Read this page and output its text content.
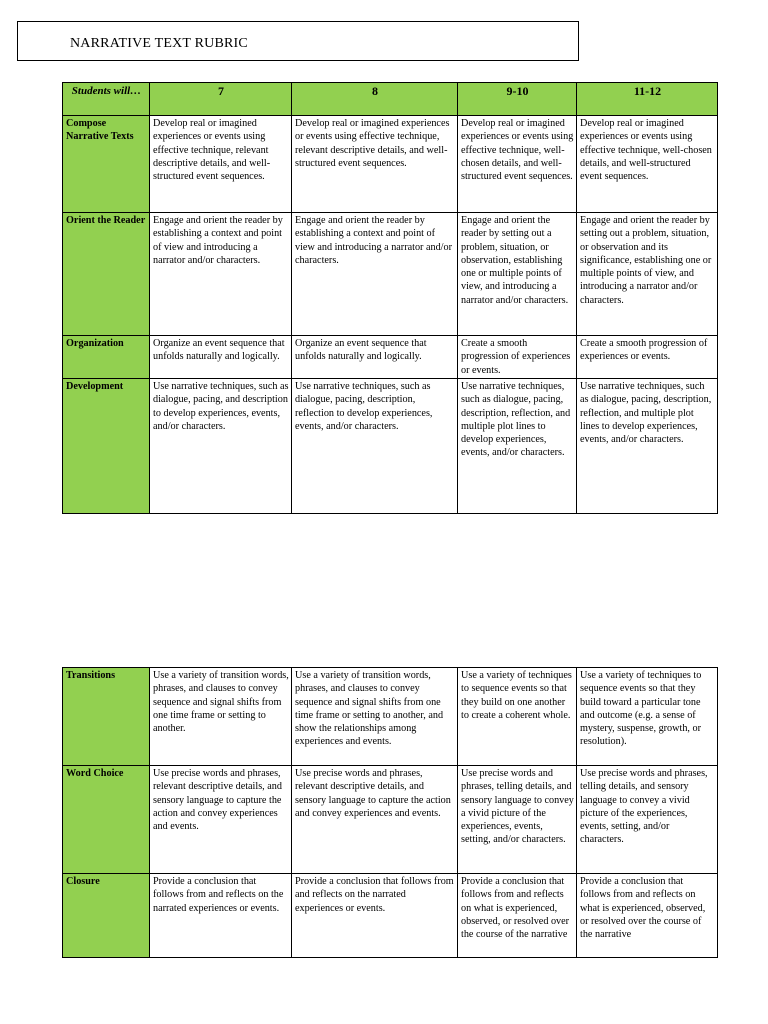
NARRATIVE TEXT RUBRIC
Students will…	7	8	9-10	11-12
Compose Narrative Texts	Develop real or imagined experiences or events using effective technique, relevant descriptive details, and well-structured event sequences.	Develop real or imagined experiences or events using effective technique, relevant descriptive details, and well-structured event sequences.	Develop real or imagined experiences or events using effective technique, well-chosen details, and well-structured event sequences.	Develop real or imagined experiences or events using effective technique, well-chosen details, and well-structured event sequences.
Orient the Reader	Engage and orient the reader by establishing a context and point of view and introducing a narrator and/or characters.	Engage and orient the reader by establishing a context and point of view and introducing a narrator and/or characters.	Engage and orient the reader by setting out a problem, situation, or observation, establishing one or multiple points of view, and introducing a narrator and/or characters.	Engage and orient the reader by setting out a problem, situation, or observation and its significance, establishing one or multiple points of view, and introducing a narrator and/or characters.
Organization	Organize an event sequence that unfolds naturally and logically.	Organize an event sequence that unfolds naturally and logically.	Create a smooth progression of experiences or events.	Create a smooth progression of experiences or events.
Development	Use narrative techniques, such as dialogue, pacing, and description to develop experiences, events, and/or characters.	Use narrative techniques, such as dialogue, pacing, description, reflection to develop experiences, events, and/or characters.	Use narrative techniques, such as dialogue, pacing, description, reflection, and multiple plot lines to develop experiences, events, and/or characters.	Use narrative techniques, such as dialogue, pacing, description, reflection, and multiple plot lines to develop experiences, events, and/or characters.
Transitions	Use a variety of transition words, phrases, and clauses to convey sequence and signal shifts from one time frame or setting to another.	Use a variety of transition words, phrases, and clauses to convey sequence and signal shifts from one time frame or setting to another, and show the relationships among experiences and events.	Use a variety of techniques to sequence events so that they build on one another to create a coherent whole.	Use a variety of techniques to sequence events so that they build toward a particular tone and outcome (e.g. a sense of mystery, suspense, growth, or resolution).
Word Choice	Use precise words and phrases, relevant descriptive details, and sensory language to capture the action and convey experiences and events.	Use precise words and phrases, relevant descriptive details, and sensory language to capture the action and convey experiences and events.	Use precise words and phrases, telling details, and sensory language to convey a vivid picture of the experiences, events, setting, and/or characters.	Use precise words and phrases, telling details, and sensory language to convey a vivid picture of the experiences, events, setting, and/or characters.
Closure	Provide a conclusion that follows from and reflects on the narrated experiences or events.	Provide a conclusion that follows from and reflects on the narrated experiences or events.	Provide a conclusion that follows from and reflects on what is experienced, observed, or resolved over the course of the narrative	Provide a conclusion that follows from and reflects on what is experienced, observed, or resolved over the course of the narrative
